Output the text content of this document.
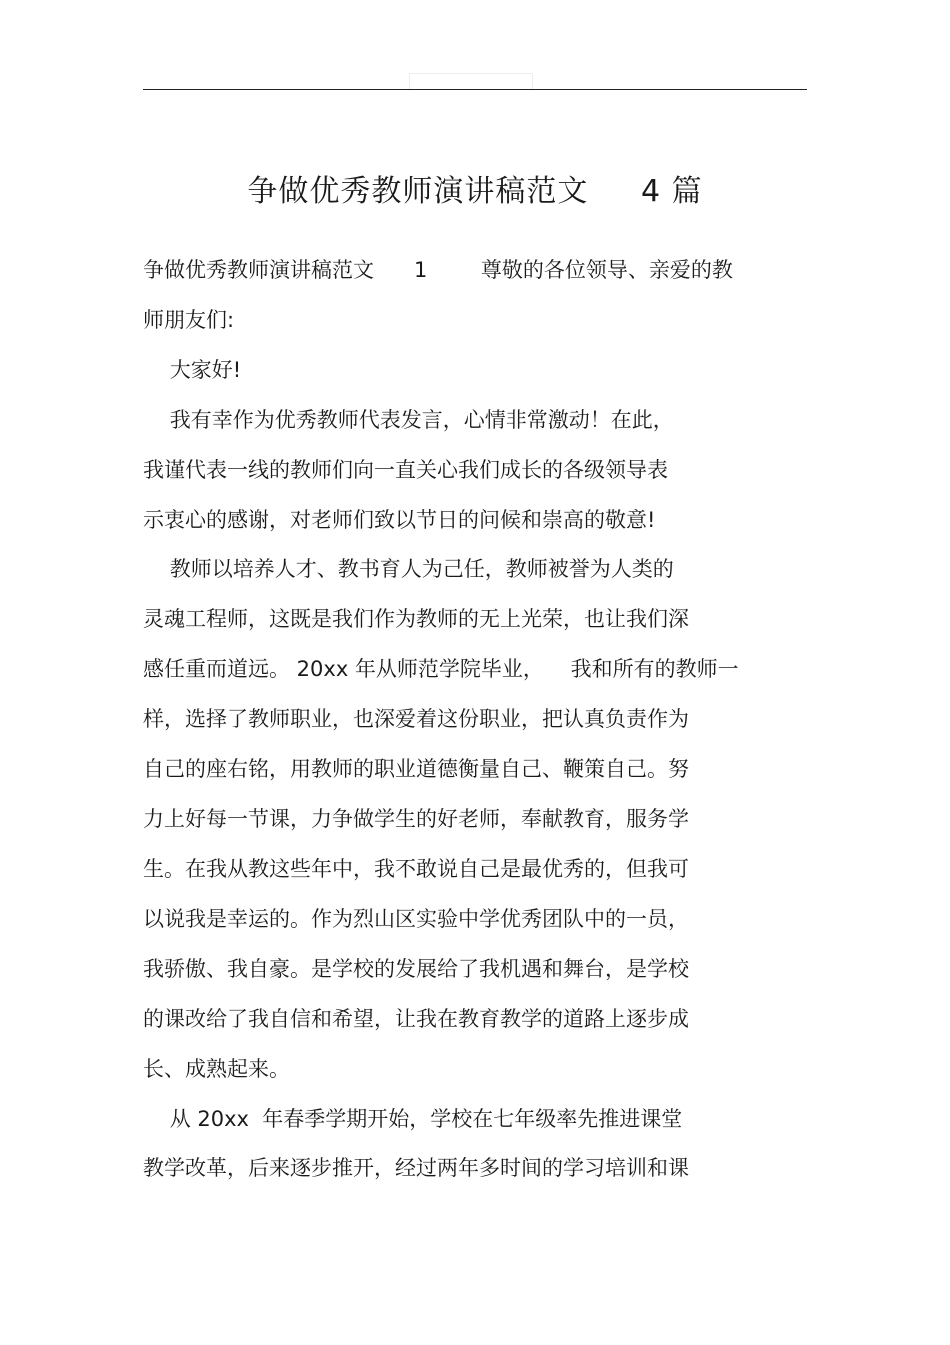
争做优秀教师演讲稿范文     4 篇

争做优秀教师演讲稿范文      1        尊敬的各位领导、亲爱的教

师朋友们:

大家好!

我有幸作为优秀教师代表发言，心情非常激动！在此，

我谨代表一线的教师们向一直关心我们成长的各级领导表

示衷心的感谢，对老师们致以节日的问候和崇高的敬意!

教师以培养人才、教书育人为己任，教师被誉为人类的

灵魂工程师，这既是我们作为教师的无上光荣，也让我们深

感任重而道远。 20xx 年从师范学院毕业，    我和所有的教师一

样，选择了教师职业，也深爱着这份职业，把认真负责作为

自己的座右铭，用教师的职业道德衡量自己、鞭策自己。努

力上好每一节课，力争做学生的好老师，奉献教育，服务学

生。在我从教这些年中，我不敢说自己是最优秀的，但我可

以说我是幸运的。作为烈山区实验中学优秀团队中的一员，

我骄傲、我自豪。是学校的发展给了我机遇和舞台，是学校

的课改给了我自信和希望，让我在教育教学的道路上逐步成

长、成熟起来。

从 20xx  年春季学期开始，学校在七年级率先推进课堂

教学改革，后来逐步推开，经过两年多时间的学习培训和课
